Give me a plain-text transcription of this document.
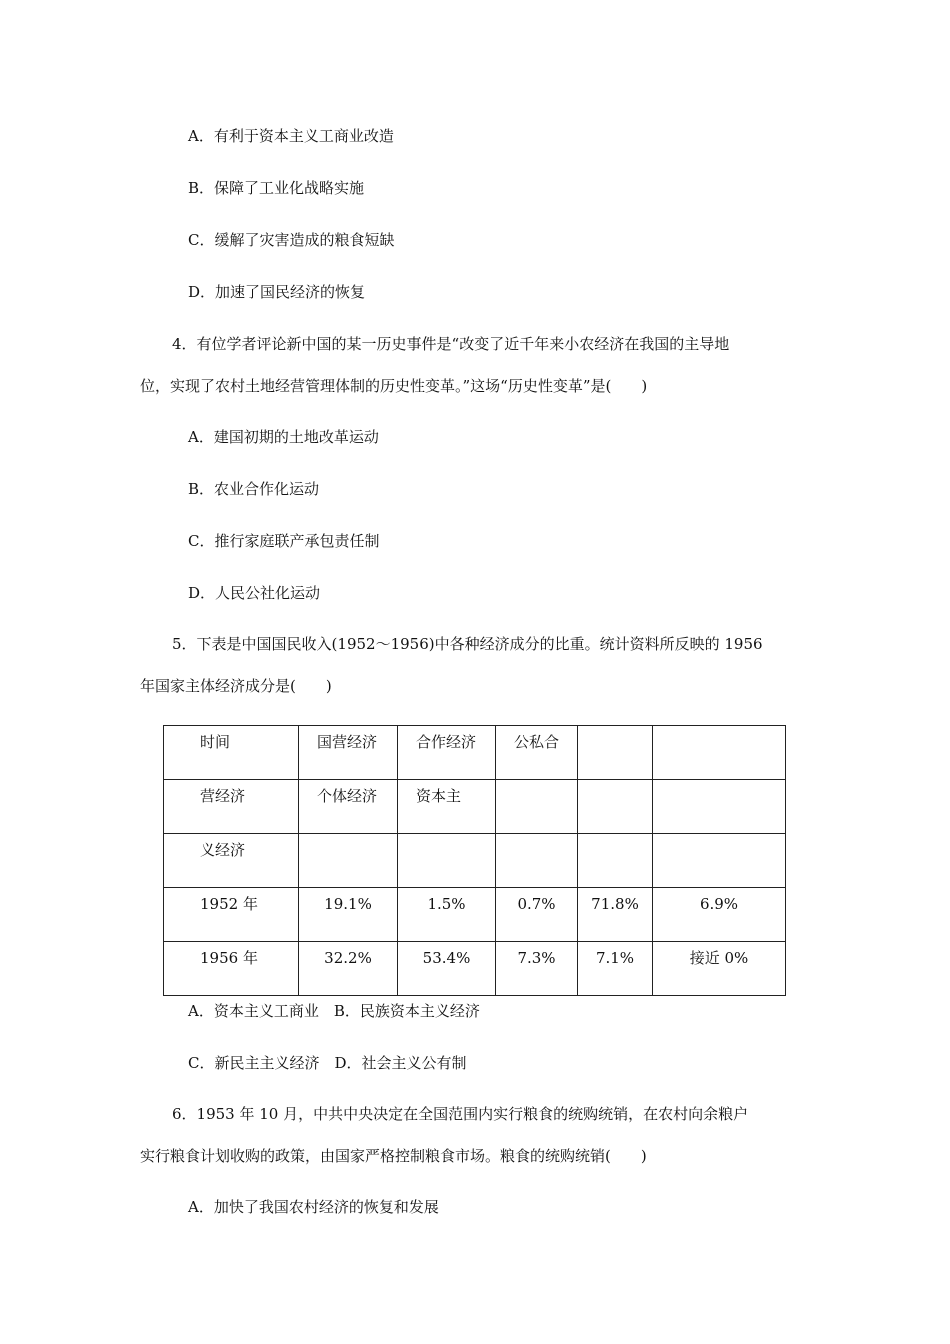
A．有利于资本主义工商业改造
B．保障了工业化战略实施
C．缓解了灾害造成的粮食短缺
D．加速了国民经济的恢复
4．有位学者评论新中国的某一历史事件是“改变了近千年来小农经济在我国的主导地
位，实现了农村土地经营管理体制的历史性变革。”这场“历史性变革”是(　　)
A．建国初期的土地改革运动
B．农业合作化运动
C．推行家庭联产承包责任制
D．人民公社化运动
5．下表是中国国民收入(1952～1956)中各种经济成分的比重。统计资料所反映的 1956
年国家主体经济成分是(　　)
时间	国营经济	合作经济	公私合		

营经济	个体经济	资本主			

义经济					

1952 年	19.1%	1.5%	0.7%	71.8%	6.9%

1956 年	32.2%	53.4%	7.3%	7.1%	接近 0%
A．资本主义工商业　B．民族资本主义经济
C．新民主主义经济　D．社会主义公有制
6．1953 年 10 月，中共中央决定在全国范围内实行粮食的统购统销，在农村向余粮户
实行粮食计划收购的政策，由国家严格控制粮食市场。粮食的统购统销(　　)
A．加快了我国农村经济的恢复和发展
